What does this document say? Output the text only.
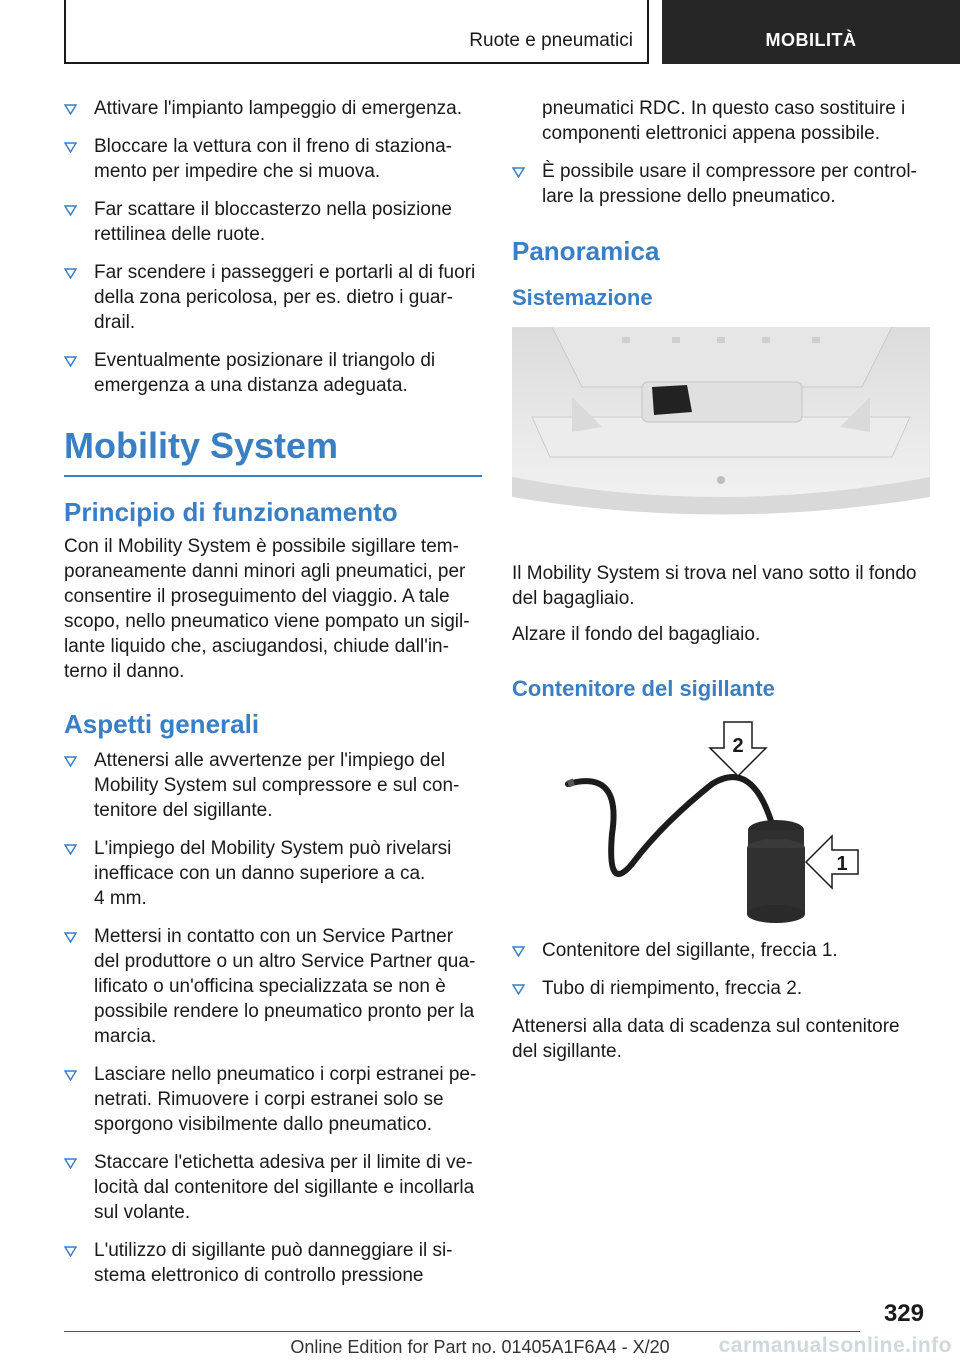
Ruote e pneumatici	MOBILITÀ
Attivare l'impianto lampeggio di emergenza.
Bloccare la vettura con il freno di staziona-
mento per impedire che si muova.
Far scattare il bloccasterzo nella posizione
rettilinea delle ruote.
Far scendere i passeggeri e portarli al di fuori
della zona pericolosa, per es. dietro i guar-
drail.
Eventualmente posizionare il triangolo di
emergenza a una distanza adeguata.
Mobility System
Principio di funzionamento

Con il Mobility System è possibile sigillare tem-
poraneamente danni minori agli pneumatici, per
consentire il proseguimento del viaggio. A tale
scopo, nello pneumatico viene pompato un sigil-
lante liquido che, asciugandosi, chiude dall'in-
terno il danno.

Aspetti generali
Attenersi alle avvertenze per l'impiego del
Mobility System sul compressore e sul con-
tenitore del sigillante.
L'impiego del Mobility System può rivelarsi
inefficace con un danno superiore a ca.
4 mm.
Mettersi in contatto con un Service Partner
del produttore o un altro Service Partner qua-
lificato o un'officina specializzata se non è
possibile rendere lo pneumatico pronto per la
marcia.
Lasciare nello pneumatico i corpi estranei pe-
netrati. Rimuovere i corpi estranei solo se
sporgono visibilmente dallo pneumatico.
Staccare l'etichetta adesiva per il limite di ve-
locità dal contenitore del sigillante e incollarla
sul volante.
L'utilizzo di sigillante può danneggiare il si-
stema elettronico di controllo pressione

pneumatici RDC. In questo caso sostituire i
componenti elettronici appena possibile.

È possibile usare il compressore per control-
lare la pressione dello pneumatico.
Panoramica
Sistemazione

Il Mobility System si trova nel vano sotto il fondo
del bagagliaio.

Alzare il fondo del bagagliaio.

Contenitore del sigillante
2
1
Contenitore del sigillante, freccia 1.
Tubo di riempimento, freccia 2.

Attenersi alla data di scadenza sul contenitore
del sigillante.

329
Online Edition for Part no. 01405A1F6A4 - X/20	carmanualsonline.info
